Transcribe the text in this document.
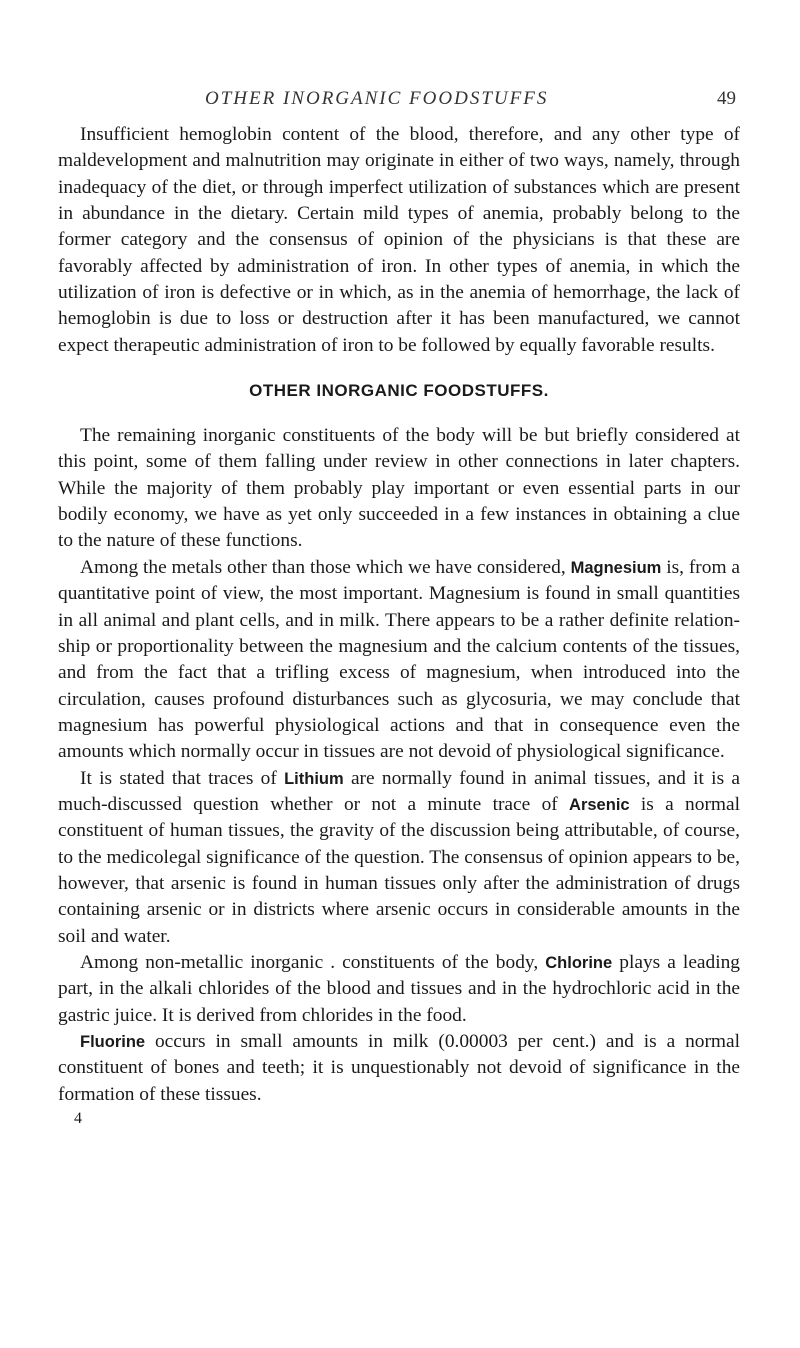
OTHER INORGANIC FOODSTUFFS	49

Insufficient hemoglobin content of the blood, therefore, and any other type of maldevelopment and malnutrition may originate in either of two ways, namely, through inadequacy of the diet, or through imperfect utilization of substances which are present in abundance in the dietary. Certain mild types of anemia, probably belong to the former category and the consensus of opinion of the physicians is that these are favorably affected by administration of iron. In other types of anemia, in which the utilization of iron is defective or in which, as in the anemia of hemorrhage, the lack of hemoglobin is due to loss or destruction after it has been manufactured, we cannot expect therapeutic administration of iron to be followed by equally favorable results.

OTHER INORGANIC FOODSTUFFS.

The remaining inorganic constituents of the body will be but briefly considered at this point, some of them falling under review in other connections in later chapters. While the majority of them probably play important or even essential parts in our bodily economy, we have as yet only succeeded in a few instances in obtaining a clue to the nature of these functions.

Among the metals other than those which we have considered, Magnesium is, from a quantitative point of view, the most important. Magnesium is found in small quantities in all animal and plant cells, and in milk. There appears to be a rather definite relation-ship or proportionality between the magnesium and the calcium contents of the tissues, and from the fact that a trifling excess of magnesium, when introduced into the circulation, causes profound disturbances such as glycosuria, we may conclude that magnesium has powerful physiological actions and that in consequence even the amounts which normally occur in tissues are not devoid of physiological significance.

It is stated that traces of Lithium are normally found in animal tissues, and it is a much-discussed question whether or not a minute trace of Arsenic is a normal constituent of human tissues, the gravity of the discussion being attributable, of course, to the medicolegal significance of the question. The consensus of opinion appears to be, however, that arsenic is found in human tissues only after the administration of drugs containing arsenic or in districts where arsenic occurs in considerable amounts in the soil and water.

Among non-metallic inorganic . constituents of the body, Chlorine plays a leading part, in the alkali chlorides of the blood and tissues and in the hydrochloric acid in the gastric juice. It is derived from chlorides in the food.

Fluorine occurs in small amounts in milk (0.00003 per cent.) and is a normal constituent of bones and teeth; it is unquestionably not devoid of significance in the formation of these tissues.

4
